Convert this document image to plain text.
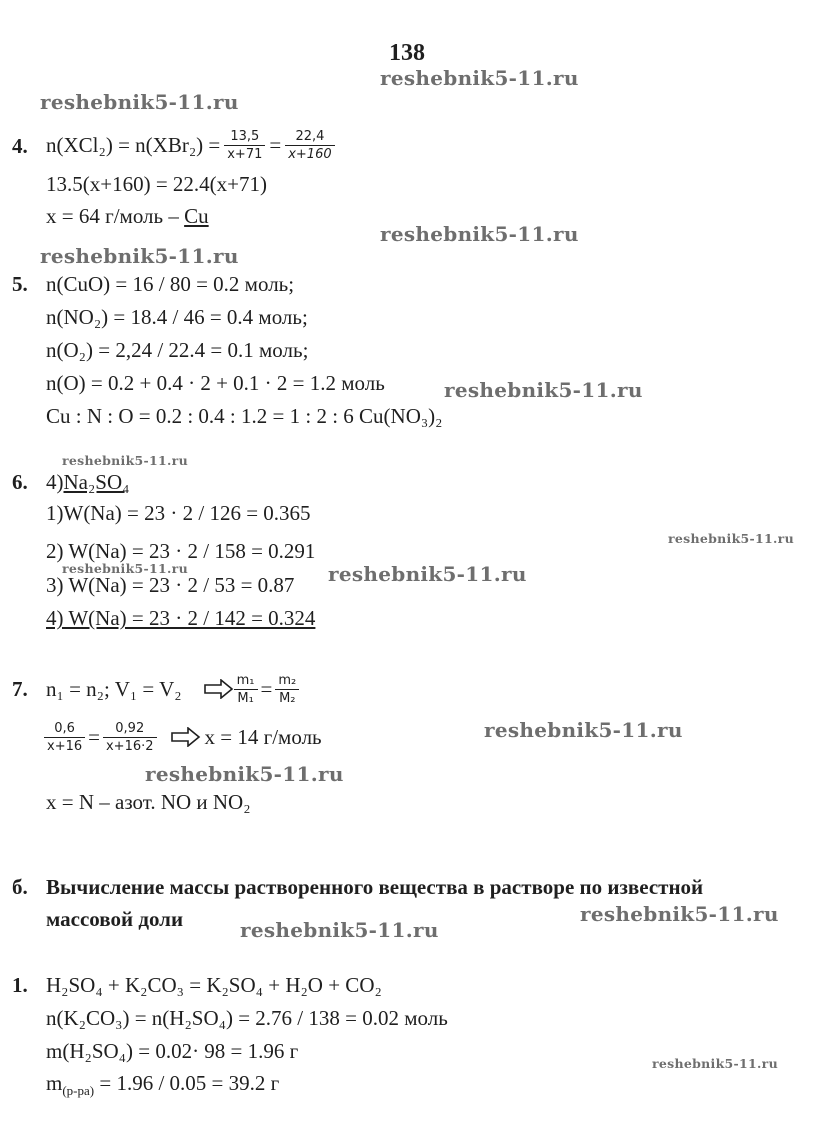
138
reshebnik5-11.ru
reshebnik5-11.ru
reshebnik5-11.ru
reshebnik5-11.ru
reshebnik5-11.ru
reshebnik5-11.ru
reshebnik5-11.ru
reshebnik5-11.ru	reshebnik5-11.ru
reshebnik5-11.ru
reshebnik5-11.ru
reshebnik5-11.ru
reshebnik5-11.ru
reshebnik5-11.ru
4. $n(XCl_2) = n(XBr_2) = \frac{13,5}{x+71} = \frac{22,4}{x+160}$
13.5(x+160) = 22.4(x+71)
x = 64 г/моль – Cu
5. n(CuO) = 16 / 80 = 0.2 моль;
n(NO₂) = 18.4 / 46 = 0.4 моль;
n(O₂) = 2,24 / 22.4 = 0.1 моль;
n(O) = 0.2 + 0.4 · 2 + 0.1 · 2 = 1.2 моль
Cu : N : O = 0.2 : 0.4 : 1.2 = 1 : 2 : 6 Cu(NO₃)₂
6. 4)Na₂SO₄
1)W(Na) = 23 · 2 / 126 = 0.365
2) W(Na) = 23 · 2 / 158 = 0.291
3) W(Na) = 23 · 2 / 53 = 0.87
4) W(Na) = 23 · 2 / 142 = 0.324
7. n₁ = n₂; V₁ = V₂	$\frac{\text{m₁}}{\text{M₁}} = \frac{\text{m₂}}{\text{M₂}}$
$\frac{0,6}{x+16} = \frac{0,92}{x+16\cdot 2}$ x = 14 г/моль
x = N – азот. NO и NO₂
б. Вычисление массы растворенного вещества в растворе по известной
массовой доли
1. H₂SO₄ + K₂CO₃ = K₂SO₄ + H₂O + CO₂
n(K₂CO₃) = n(H₂SO₄) = 2.76 / 138 = 0.02 моль
m(H₂SO₄) = 0.02· 98 = 1.96 г
$m_{(р-ра)} = 1.96 / 0.05 = 39.2$ г
